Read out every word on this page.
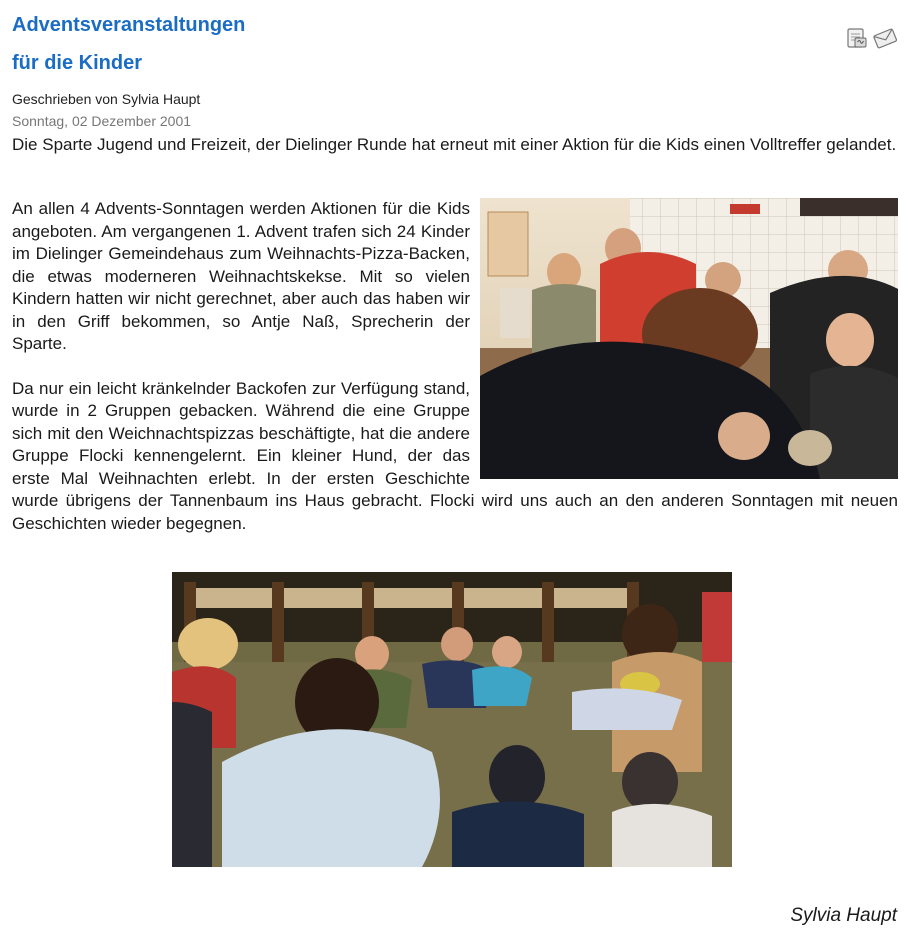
Adventsveranstaltungen
für die Kinder
Geschrieben von Sylvia Haupt
Sonntag, 02 Dezember 2001

Die Sparte Jugend und Freizeit, der Dielinger Runde hat erneut mit einer Aktion für die Kids einen Volltreffer gelandet.

An allen 4 Advents-Sonntagen werden Aktionen für die Kids angeboten. Am vergangenen 1. Advent trafen sich 24 Kinder im Dielinger Gemeindehaus zum Weihnachts-Pizza-Backen, die etwas moderneren Weihnachtskekse. Mit so vielen Kindern hatten wir nicht gerechnet, aber auch das haben wir in den Griff bekommen, so Antje Naß, Sprecherin der Sparte.

Da nur ein leicht kränkelnder Backofen zur Verfügung stand, wurde in 2 Gruppen gebacken. Während die eine Gruppe sich mit den Weichnachtspizzas beschäftigte, hat die andere Gruppe Flocki kennengelernt. Ein kleiner Hund, der das erste Mal Weihnachten erlebt. In der ersten Geschichte wurde übrigens der Tannenbaum ins Haus gebracht. Flocki wird uns auch an den anderen Sonntagen mit neuen Geschichten wieder begegnen.

Sylvia Haupt
